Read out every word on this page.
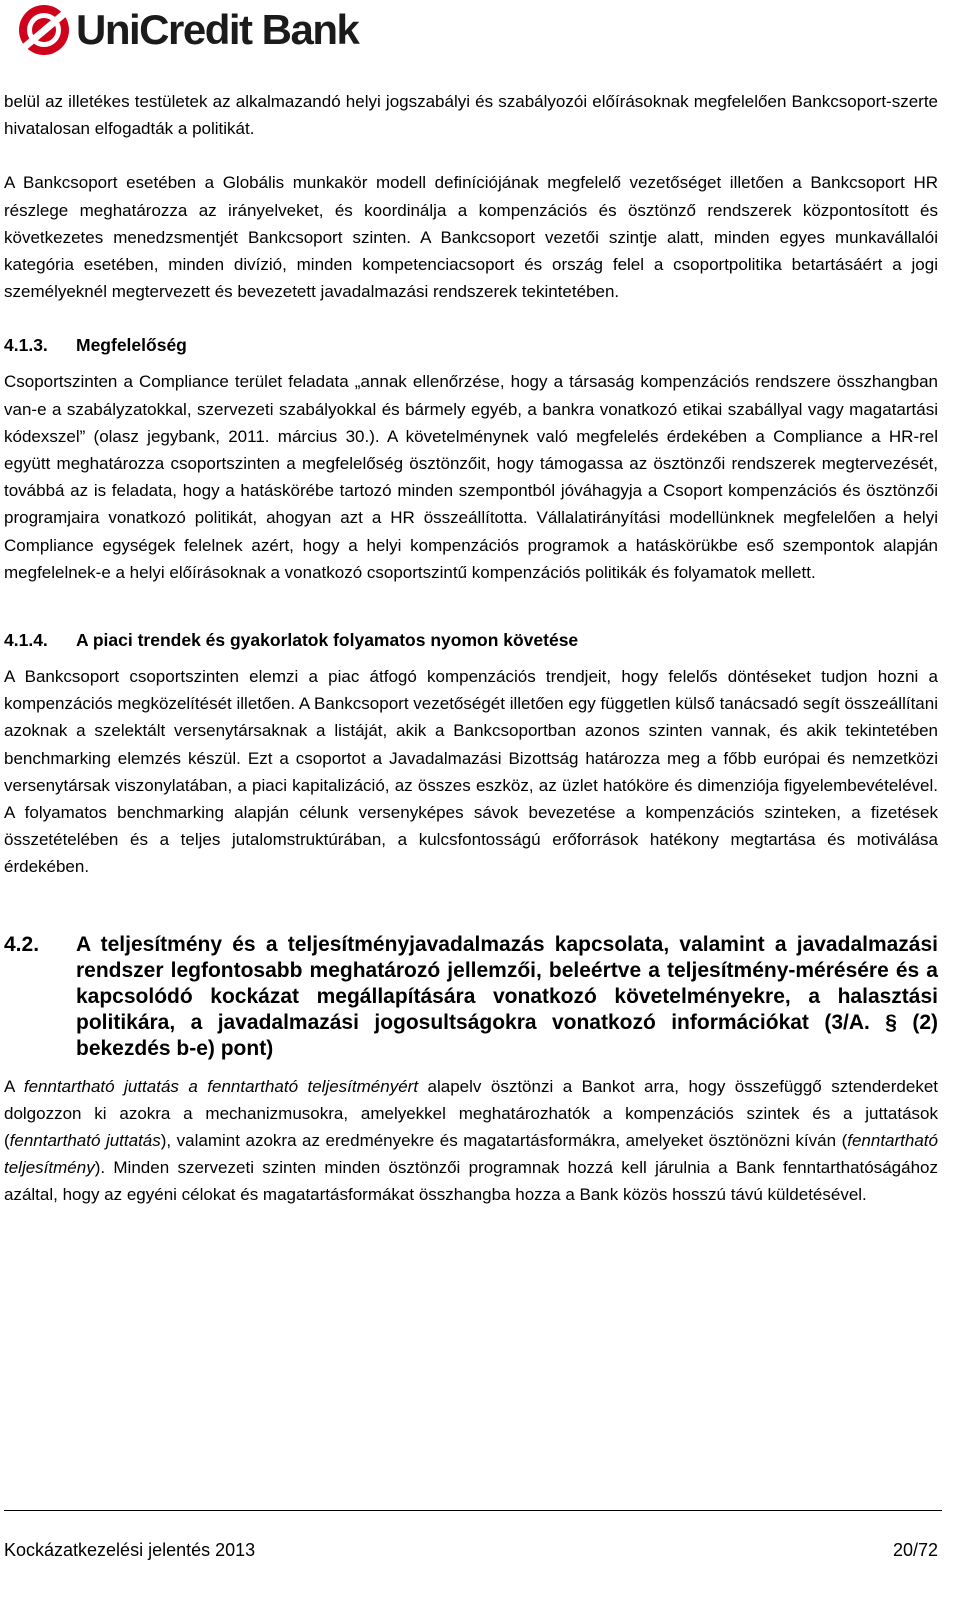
UniCredit Bank

belül az illetékes testületek az alkalmazandó helyi jogszabályi és szabályozói előírásoknak megfelelően Bankcsoport-szerte hivatalosan elfogadták a politikát.

A Bankcsoport esetében a Globális munkakör modell definíciójának megfelelő vezetőséget illetően a Bankcsoport HR részlege meghatározza az irányelveket, és koordinálja a kompenzációs és ösztönző rendszerek központosított és következetes menedzsmentjét Bankcsoport szinten. A Bankcsoport vezetői szintje alatt, minden egyes munkavállalói kategória esetében, minden divízió, minden kompetenciacsoport és ország felel a csoportpolitika betartásáért a jogi személyeknél megtervezett és bevezetett javadalmazási rendszerek tekintetében.

4.1.3.	Megfelelőség

Csoportszinten a Compliance terület feladata „annak ellenőrzése, hogy a társaság kompenzációs rendszere összhangban van-e a szabályzatokkal, szervezeti szabályokkal és bármely egyéb, a bankra vonatkozó etikai szabállyal vagy magatartási kódexszel” (olasz jegybank, 2011. március 30.). A követelménynek való megfelelés érdekében a Compliance a HR-rel együtt meghatározza csoportszinten a megfelelőség ösztönzőit, hogy támogassa az ösztönzői rendszerek megtervezését, továbbá az is feladata, hogy a hatáskörébe tartozó minden szempontból jóváhagyja a Csoport kompenzációs és ösztönzői programjaira vonatkozó politikát, ahogyan azt a HR összeállította. Vállalatirányítási modellünknek megfelelően a helyi Compliance egységek felelnek azért, hogy a helyi kompenzációs programok a hatáskörükbe eső szempontok alapján megfelelnek-e a helyi előírásoknak a vonatkozó csoportszintű kompenzációs politikák és folyamatok mellett.

4.1.4.	A piaci trendek és gyakorlatok folyamatos nyomon követése

A Bankcsoport csoportszinten elemzi a piac átfogó kompenzációs trendjeit, hogy felelős döntéseket tudjon hozni a kompenzációs megközelítését illetően. A Bankcsoport vezetőségét illetően egy független külső tanácsadó segít összeállítani azoknak a szelektált versenytársaknak a listáját, akik a Bankcsoportban azonos szinten vannak, és akik tekintetében benchmarking elemzés készül. Ezt a csoportot a Javadalmazási Bizottság határozza meg a főbb európai és nemzetközi versenytársak viszonylatában, a piaci kapitalizáció, az összes eszköz, az üzlet hatóköre és dimenziója figyelembevételével. A folyamatos benchmarking alapján célunk versenyképes sávok bevezetése a kompenzációs szinteken, a fizetések összetételében és a teljes jutalomstruktúrában, a kulcsfontosságú erőforrások hatékony megtartása és motiválása érdekében.

4.2.	A teljesítmény és a teljesítményjavadalmazás kapcsolata, valamint a javadalmazási rendszer legfontosabb meghatározó jellemzői, beleértve a teljesítmény-mérésére és a kapcsolódó kockázat megállapítására vonatkozó követelményekre, a halasztási politikára, a javadalmazási jogosultságokra vonatkozó információkat (3/A. § (2) bekezdés b-e) pont)

A fenntartható juttatás a fenntartható teljesítményért alapelv ösztönzi a Bankot arra, hogy összefüggő sztenderdeket dolgozzon ki azokra a mechanizmusokra, amelyekkel meghatározhatók a kompenzációs szintek és a juttatások (fenntartható juttatás), valamint azokra az eredményekre és magatartásformákra, amelyeket ösztönözni kíván (fenntartható teljesítmény). Minden szervezeti szinten minden ösztönzői programnak hozzá kell járulnia a Bank fenntarthatóságához azáltal, hogy az egyéni célokat és magatartásformákat összhangba hozza a Bank közös hosszú távú küldetésével.

Kockázatkezelési jelentés 2013	20/72
